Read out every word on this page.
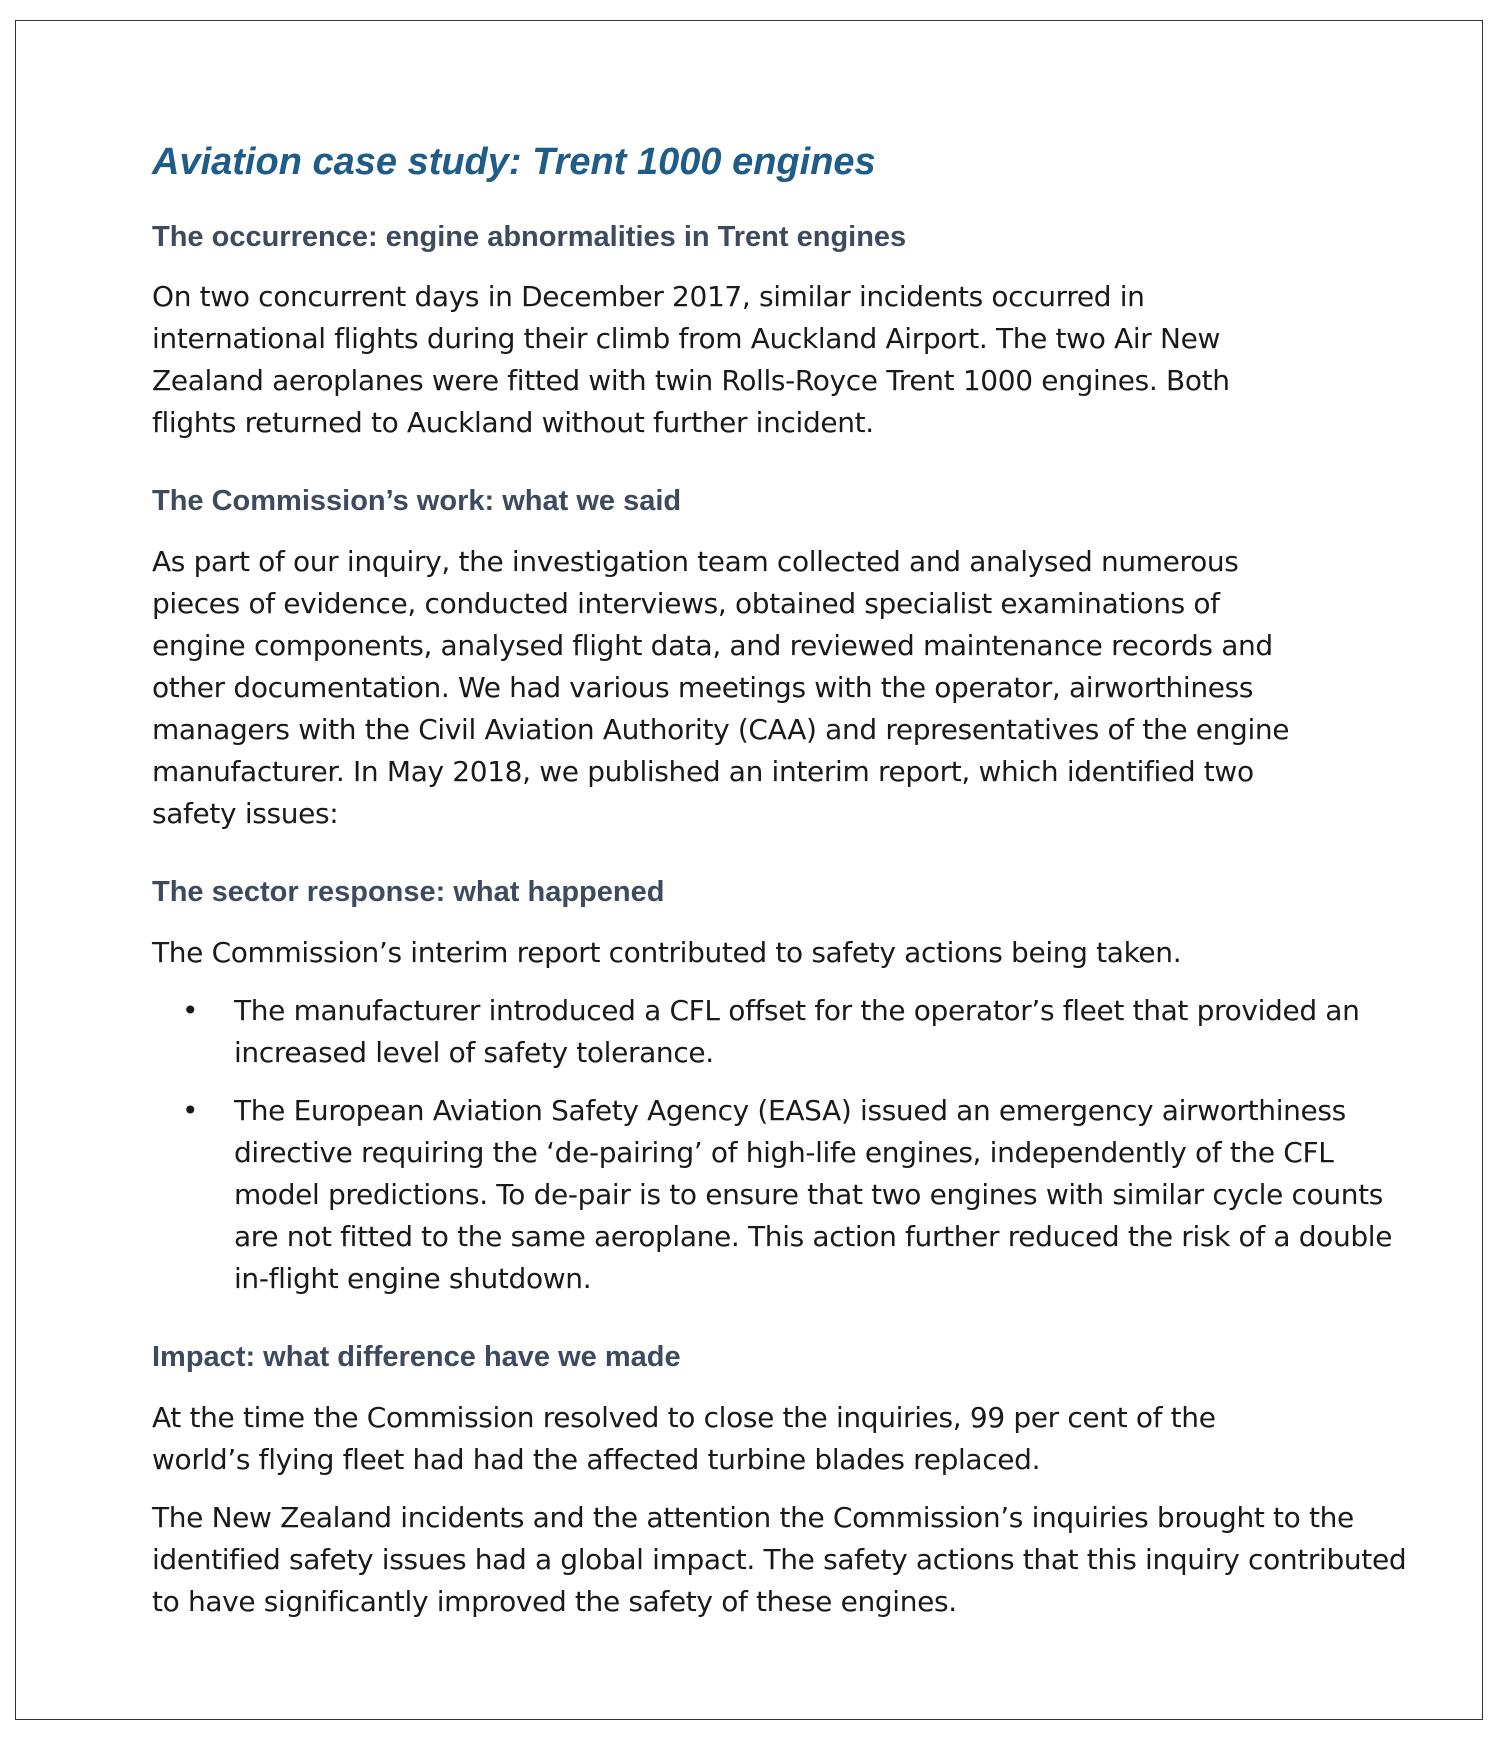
Aviation case study: Trent 1000 engines
The occurrence: engine abnormalities in Trent engines

On two concurrent days in December 2017, similar incidents occurred in
international flights during their climb from Auckland Airport. The two Air New
Zealand aeroplanes were fitted with twin Rolls-Royce Trent 1000 engines. Both
flights returned to Auckland without further incident.

The Commission’s work: what we said

As part of our inquiry, the investigation team collected and analysed numerous
pieces of evidence, conducted interviews, obtained specialist examinations of
engine components, analysed flight data, and reviewed maintenance records and
other documentation. We had various meetings with the operator, airworthiness
managers with the Civil Aviation Authority (CAA) and representatives of the engine
manufacturer. In May 2018, we published an interim report, which identified two
safety issues:

The sector response: what happened

The Commission’s interim report contributed to safety actions being taken.

• The manufacturer introduced a CFL offset for the operator’s fleet that provided an
increased level of safety tolerance.
• The European Aviation Safety Agency (EASA) issued an emergency airworthiness
directive requiring the ‘de-pairing’ of high-life engines, independently of the CFL
model predictions. To de-pair is to ensure that two engines with similar cycle counts
are not fitted to the same aeroplane. This action further reduced the risk of a double
in-flight engine shutdown.
Impact: what difference have we made

At the time the Commission resolved to close the inquiries, 99 per cent of the
world’s flying fleet had had the affected turbine blades replaced.

The New Zealand incidents and the attention the Commission’s inquiries brought to the
identified safety issues had a global impact. The safety actions that this inquiry contributed
to have significantly improved the safety of these engines.
